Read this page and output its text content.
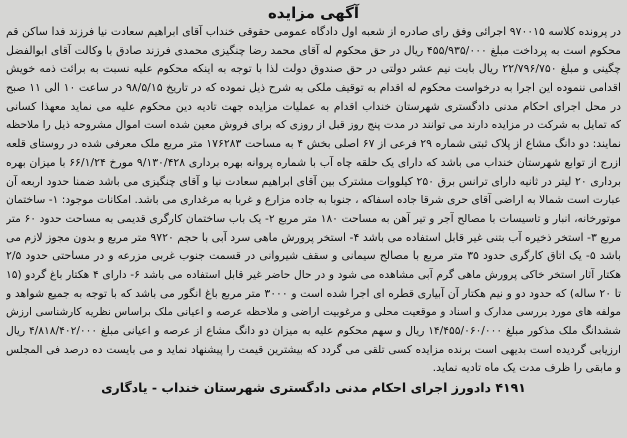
آگهی مزایده
در پرونده کلاسه ۹۷۰۰۱۵ اجرائی وفق رای صادره از شعبه اول دادگاه عمومی حقوقی خنداب آقای ابراهیم سعادت نیا فرزند فدا ساکن قم
محکوم است به پرداخت مبلغ ۴۵۵/۹۳۵/۰۰۰ ریال در حق محکوم له آقای محمد رضا چنگیزی محمدی فرزند صادق با وکالت آقای ابوالفضل
چگینی و مبلغ ۲۲/۷۹۶/۷۵۰ ریال بابت نیم عشر دولتی در حق صندوق دولت لذا با توجه به اینکه محکوم علیه نسبت به برائت ذمه خویش
اقدامی ننموده این اجرا به درخواست محکوم له اقدام به توقیف ملکی به شرح ذیل نموده که در تاریخ ۹۸/۵/۱۵ در ساعت ۱۰ الی ۱۱ صبح
در محل اجرای احکام مدنی دادگستری شهرستان خنداب اقدام به عملیات مزایده جهت تادیه دین محکوم علیه می نماید معهذا کسانی
که تمایل به شرکت در مزایده دارند می توانند در مدت پنج روز قبل از روزی که برای فروش معین شده است اموال مشروحه ذیل را ملاحظه
نمایند: دو دانگ مشاع از پلاک ثبتی شماره ۲۹ فرعی از ۶۷ اصلی بخش ۴ به مساحت ۱۷۶۲۸۳ متر مربع ملک معرفی شده در روستای قلعه
ازرج از توابع شهرستان خنداب می باشد که دارای یک حلقه چاه آب با شماره پروانه بهره برداری ۹/۱۳۰/۴۲۸ مورخ ۶۶/۱/۲۴ با میزان بهره
برداری ۲۰ لیتر در ثانیه دارای ترانس برق ۲۵۰ کیلووات مشترک بین آقای ابراهیم سعادت نیا و آقای چنگیزی می باشد ضمنا حدود اربعه آن
عبارت است شمالا به اراضی آقای حری شرقا جاده اسفاکه ، جنوبا به جاده مزارع و غربا به مرغداری می باشد. امکانات موجود: ۱- ساختمان
موتورخانه، انبار و تاسیسات با مصالح آجر و تیر آهن به مساحت ۱۸۰ متر مربع ۲- یک باب ساختمان کارگری قدیمی به مساحت حدود ۶۰ متر
مربع ۳- استخر ذخیره آب بتنی غیر قابل استفاده می باشد ۴- استخر پرورش ماهی سرد آبی با حجم ۹۷۲۰ متر مربع و بدون مجوز لازم می
باشد ۵- یک اتاق کارگری حدود ۳۵ متر مربع با مصالح سیمانی و سقف شیروانی در قسمت جنوب غربی مزرعه و در مساحتی حدود ۲/۵
هکتار آثار استخر خاکی پرورش ماهی گرم آبی مشاهده می شود و در حال حاضر غیر قابل استفاده می باشد ۶- دارای ۴ هکتار باغ گردو (۱۵
تا ۲۰ ساله) که حدود دو و نیم هکتار آن آبیاری قطره ای اجرا شده است و ۳۰۰۰ متر مربع باغ انگور می باشد که با توجه به جمیع شواهد و
مولفه های مورد بررسی مدارک و اسناد و موقعیت محلی و مرغوبیت اراضی و ملاحظه عرصه و اعیانی ملک براساس نظریه کارشناسی ارزش
ششدانگ ملک مذکور مبلغ ۱۴/۴۵۵/۰۶۰/۰۰۰ ریال و سهم محکوم علیه به میزان دو دانگ مشاع از عرصه و اعیانی مبلغ ۴/۸۱۸/۴۰۲/۰۰۰ ریال
ارزیابی گردیده است بدیهی است برنده مزایده کسی تلقی می گردد که بیشترین قیمت را پیشنهاد نماید و می بایست ده درصد فی المجلس
و مابقی را ظرف مدت یک ماه تادیه نماید.
۴۱۹۱ دادورز اجرای احکام مدنی دادگستری شهرستان خنداب - یادگاری
